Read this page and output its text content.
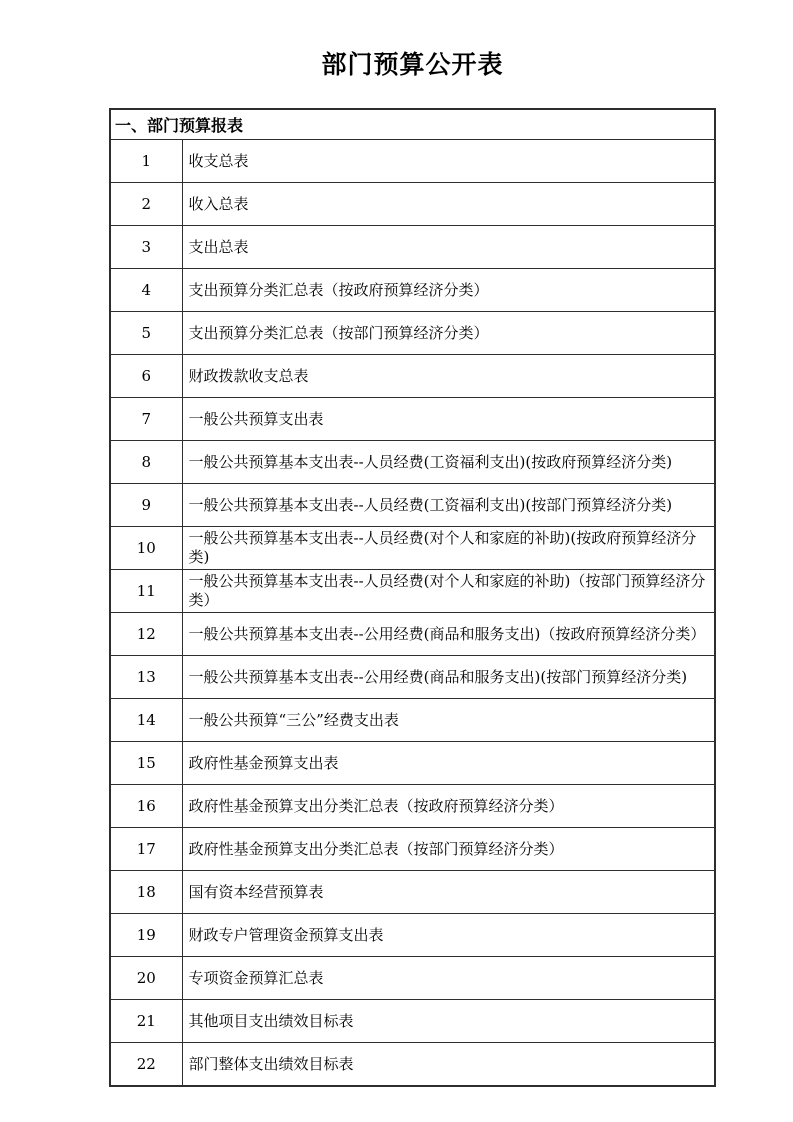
部门预算公开表
一、部门预算报表	
1	收支总表
2	收入总表
3	支出总表
4	支出预算分类汇总表（按政府预算经济分类）
5	支出预算分类汇总表（按部门预算经济分类）
6	财政拨款收支总表
7	一般公共预算支出表
8	一般公共预算基本支出表--人员经费(工资福利支出)(按政府预算经济分类)
9	一般公共预算基本支出表--人员经费(工资福利支出)(按部门预算经济分类)
10	一般公共预算基本支出表--人员经费(对个人和家庭的补助)(按政府预算经济分类)
11	一般公共预算基本支出表--人员经费(对个人和家庭的补助)（按部门预算经济分类）
12	一般公共预算基本支出表--公用经费(商品和服务支出)（按政府预算经济分类）
13	一般公共预算基本支出表--公用经费(商品和服务支出)(按部门预算经济分类)
14	一般公共预算“三公”经费支出表
15	政府性基金预算支出表
16	政府性基金预算支出分类汇总表（按政府预算经济分类）
17	政府性基金预算支出分类汇总表（按部门预算经济分类）
18	国有资本经营预算表
19	财政专户管理资金预算支出表
20	专项资金预算汇总表
21	其他项目支出绩效目标表
22	部门整体支出绩效目标表
